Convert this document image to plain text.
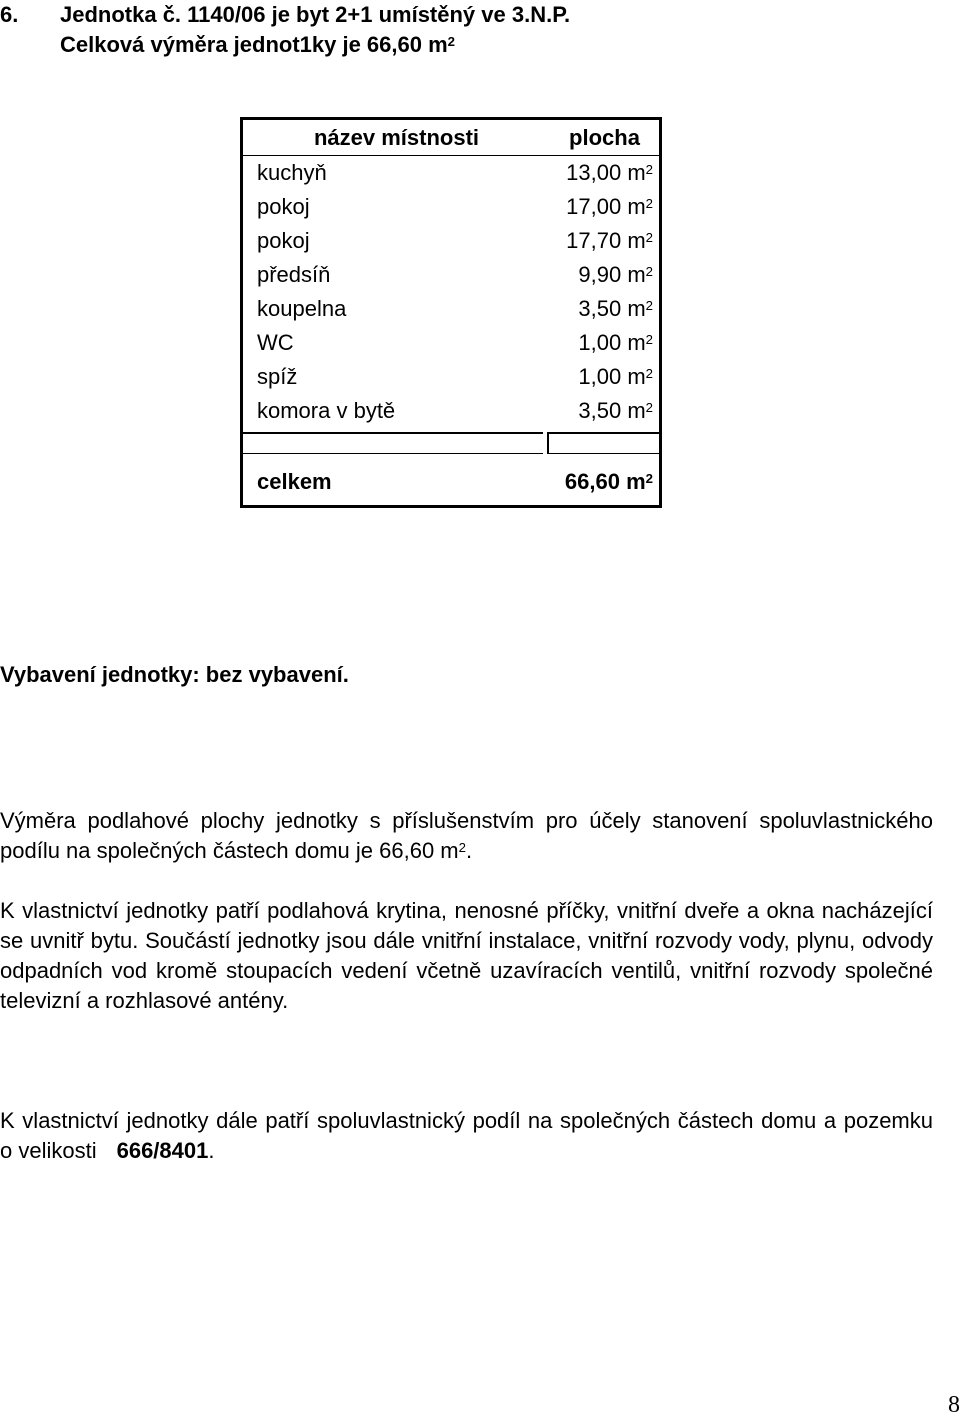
6. Jednotka č. 1140/06 je byt 2+1 umístěný ve 3.N.P.
Celková výměra jednot1ky je 66,60 $m^2$
název místnosti	plocha
kuchyň	13,00 $m^2$
pokoj	17,00 $m^2$
pokoj	17,70 $m^2$
předsíň	9,90 $m^2$
koupelna	3,50 $m^2$
WC	1,00 $m^2$
spíž	1,00 $m^2$
komora v bytě	3,50 $m^2$
celkem	66,60 $m^2$
Vybavení jednotky: bez vybavení.
Výměra podlahové plochy jednotky s příslušenstvím pro účely stanovení spoluvlastnického podílu na společných částech domu je 66,60 $m^2$.
K vlastnictví jednotky patří podlahová krytina, nenosné příčky, vnitřní dveře a okna nacházející se uvnitř bytu. Součástí jednotky jsou dále vnitřní instalace, vnitřní rozvody vody, plynu, odvody odpadních vod kromě stoupacích vedení včetně uzavíracích ventilů, vnitřní rozvody společné televizní a rozhlasové antény.
K vlastnictví jednotky dále patří spoluvlastnický podíl na společných částech domu a pozemku o velikosti 666/8401.
8
